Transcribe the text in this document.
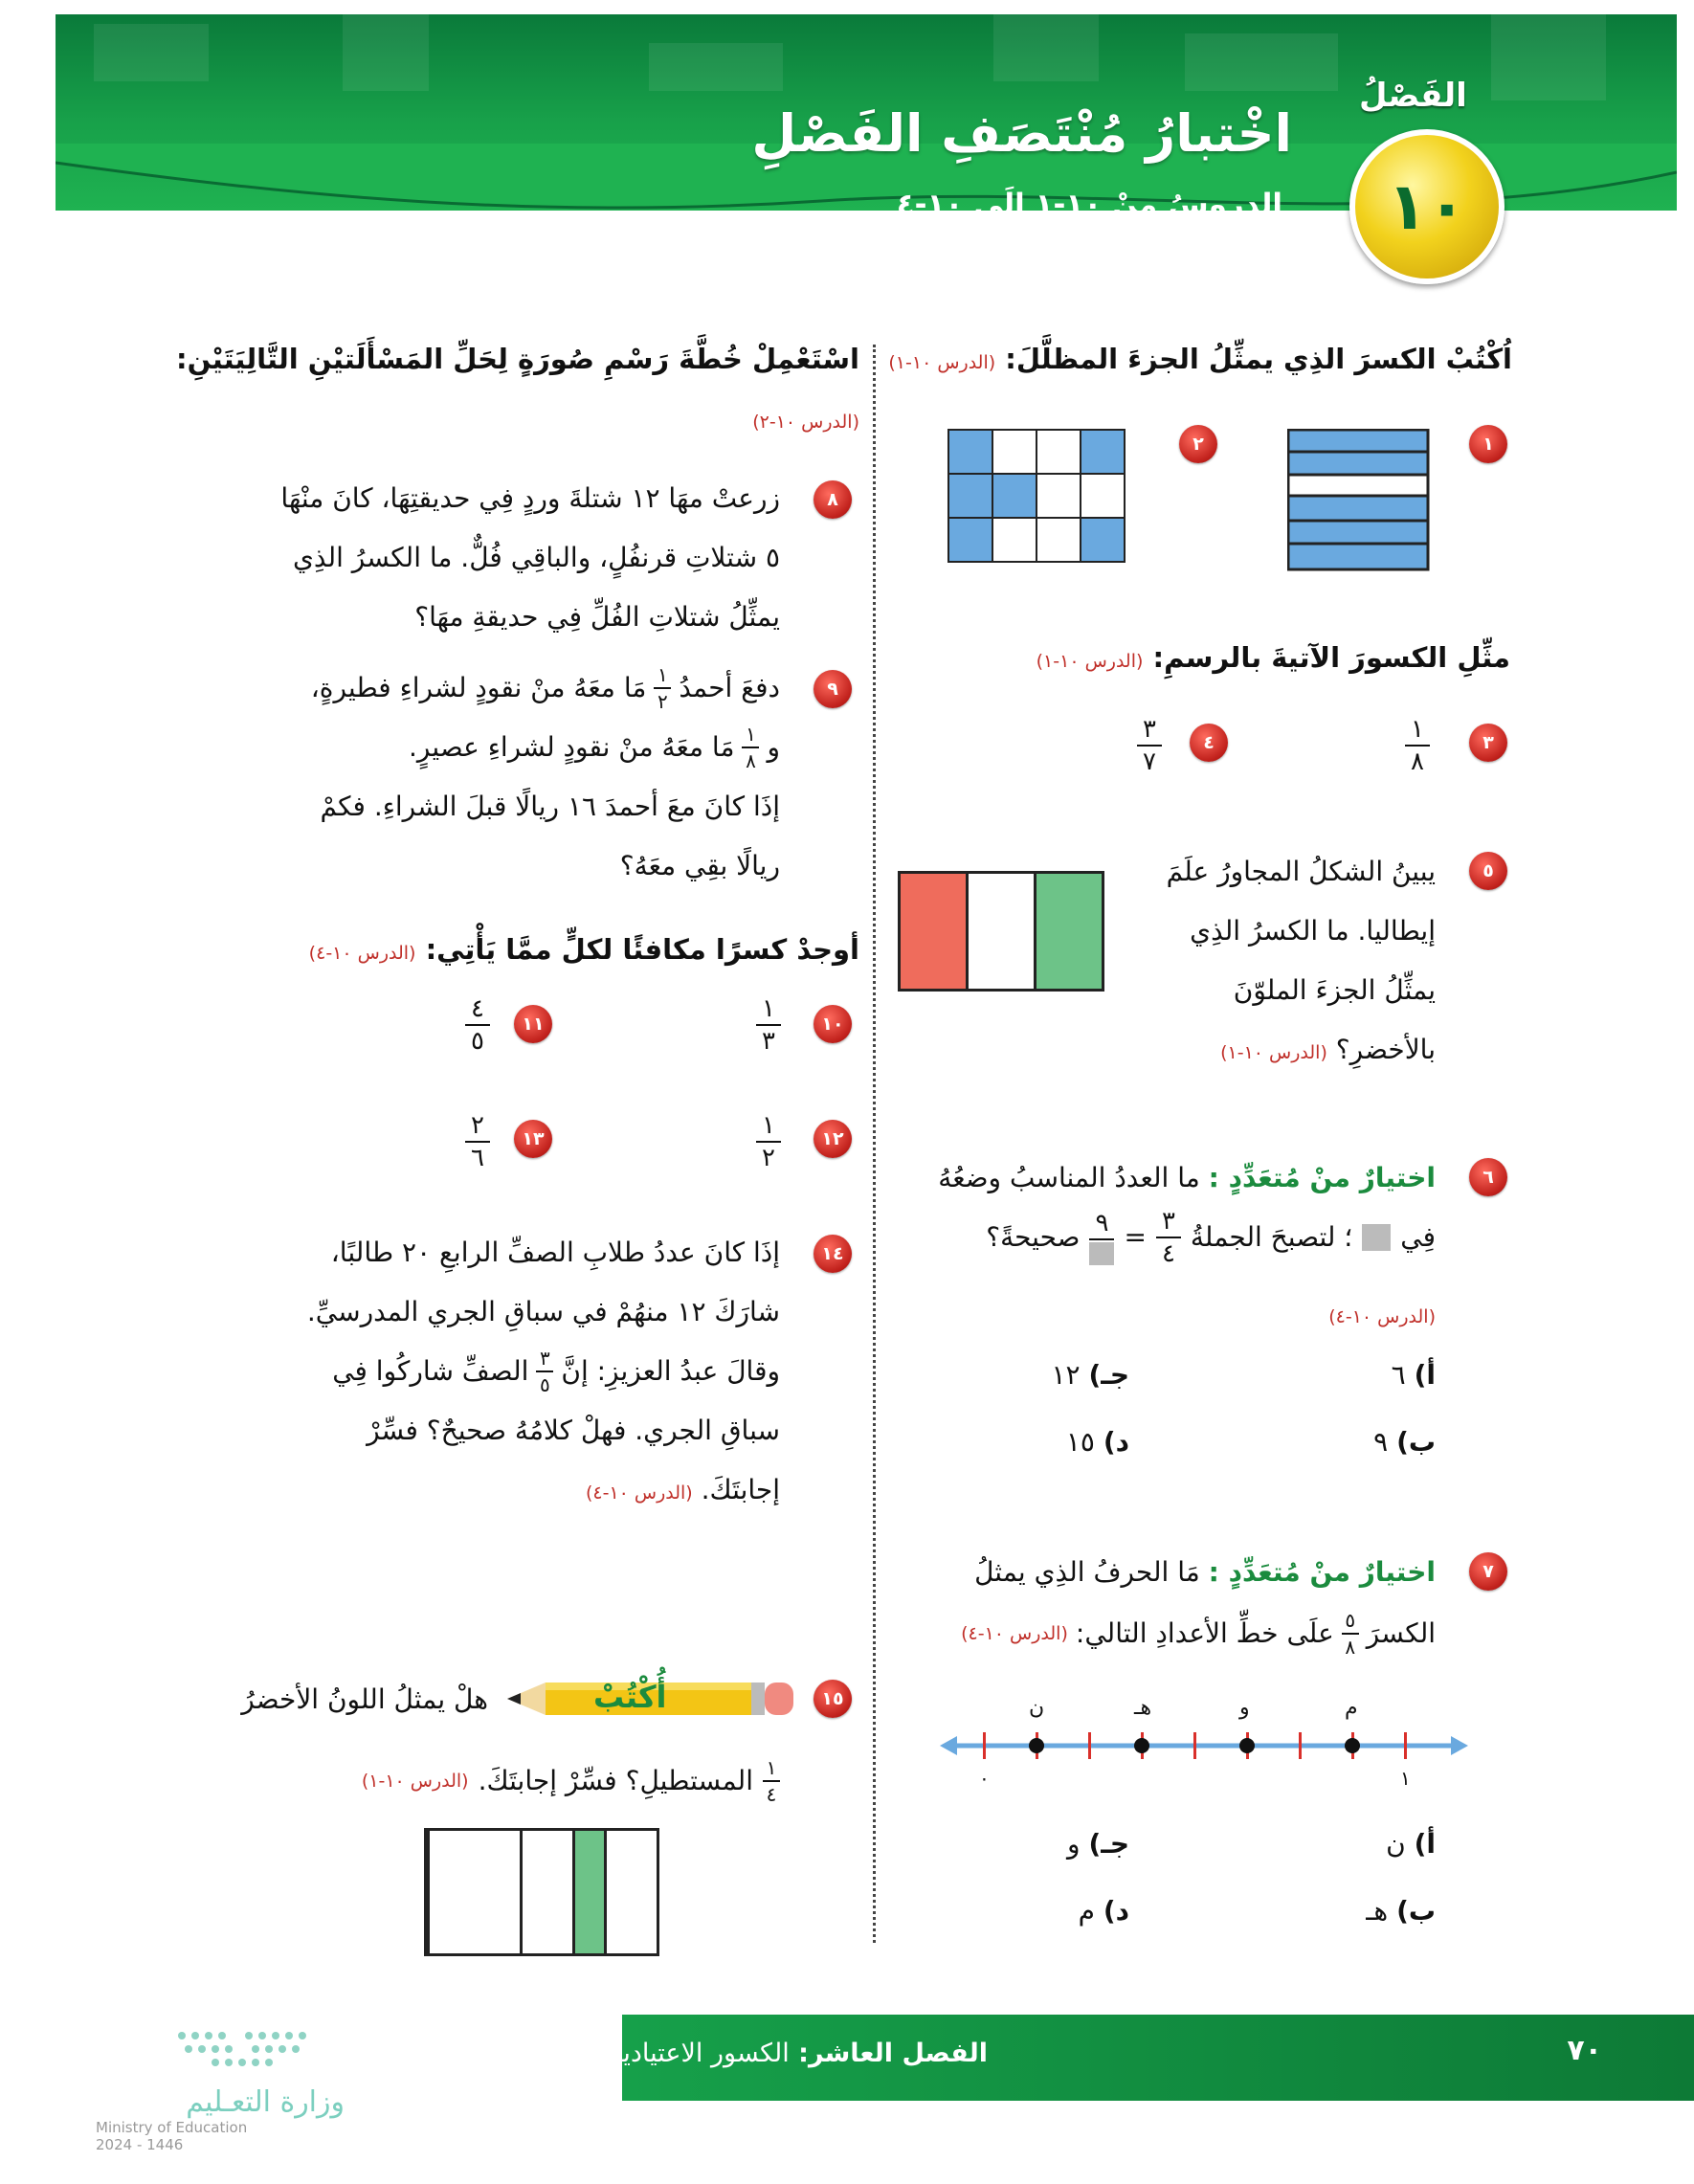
الفَصْلُ
١٠
اخْتبارُ مُنْتَصَفِ الفَصْلِ
الدروسُ منْ ١٠-١ إلَى ١٠-٤
اُكْتُبْ الكسرَ الذِي يمثِّلُ الجزءَ المظلَّلَ: (الدرس ١٠-١)
١
٢

مثِّلِ الكسورَ الآتيةَ بالرسمِ: (الدرس ١٠-١)
٣
١
٨
٤
٣
٧
٥
يبينُ الشكلُ المجاورُ علَمَ
إيطاليا. ما الكسرُ الذِي
يمثِّلُ الجزءَ الملوّنَ
بالأخضرِ؟ (الدرس ١٠-١)
٦
اختيارٌ منْ مُتعَدِّدٍ : ما العددُ المناسبُ وضعُهُ
فِي
؛ لتصبحَ الجملةُ
$\frac{٣}{٤}$
=
٩
صحيحةً؟
(الدرس ١٠-٤)
أ) ٦
جـ) ١٢
ب) ٩
د) ١٥
٧
اختيارٌ منْ مُتعَدِّدٍ : مَا الحرفُ الذِي يمثلُ
الكسرَ
$\frac{٥}{٨}$
علَى خطِّ الأعدادِ التالي:
(الدرس ١٠-٤)
ن	هـ	و	م
٠	١
أ) ن
جـ) و
ب) هـ
د) م
اسْتَعْمِلْ خُطَّةَ رَسْمِ صُورَةٍ لِحَلِّ المَسْأَلَتيْنِ التَّالِيَتَيْنِ:
(الدرس ١٠-٢)
٨
زرعتْ مهَا ١٢ شتلةَ وردٍ فِي حديقتِهَا، كانَ منْهَا
٥ شتلاتِ قرنفُلٍ، والباقِي فُلٌّ. ما الكسرُ الذِي
يمثِّلُ شتلاتِ الفُلِّ فِي حديقةِ مهَا؟
٩
دفعَ أحمدُ
$\frac{١}{٢}$
مَا معَهُ منْ نقودٍ لشراءِ فطيرةٍ،
و
$\frac{١}{٨}$
مَا معَهُ منْ نقودٍ لشراءِ عصيرٍ.
إذَا كانَ معَ أحمدَ ١٦ ريالًا قبلَ الشراءِ. فكمْ
ريالًا بقِي معَهُ؟
أوجدْ كسرًا مكافئًا لكلٍّ ممَّا يَأْتِي: (الدرس ١٠-٤)
١٠
١
٣
١١
٤
٥
١٢
١
٢
١٣
٢
٦
١٤
إذَا كانَ عددُ طلابِ الصفِّ الرابعِ ٢٠ طالبًا،
شارَكَ ١٢ منهُمْ في سباقِ الجري المدرسيِّ.
وقالَ عبدُ العزيزِ: إنَّ
$\frac{٣}{٥}$
الصفِّ شاركُوا فِي
سباقِ الجري. فهلْ كلامُهُ صحيحٌ؟ فسِّرْ
إجابتَكَ. (الدرس ١٠-٤)
١٥
أُكْتُبْ
هلْ يمثلُ اللونُ الأخضرُ
$\frac{١}{٤}$
المستطيلِ؟ فسِّرْ إجابتَكَ.
(الدرس ١٠-١)
٧٠
الفصل العاشر: الكسور الاعتيادية
وزارة التعـليم
Ministry of Education
2024 - 1446
